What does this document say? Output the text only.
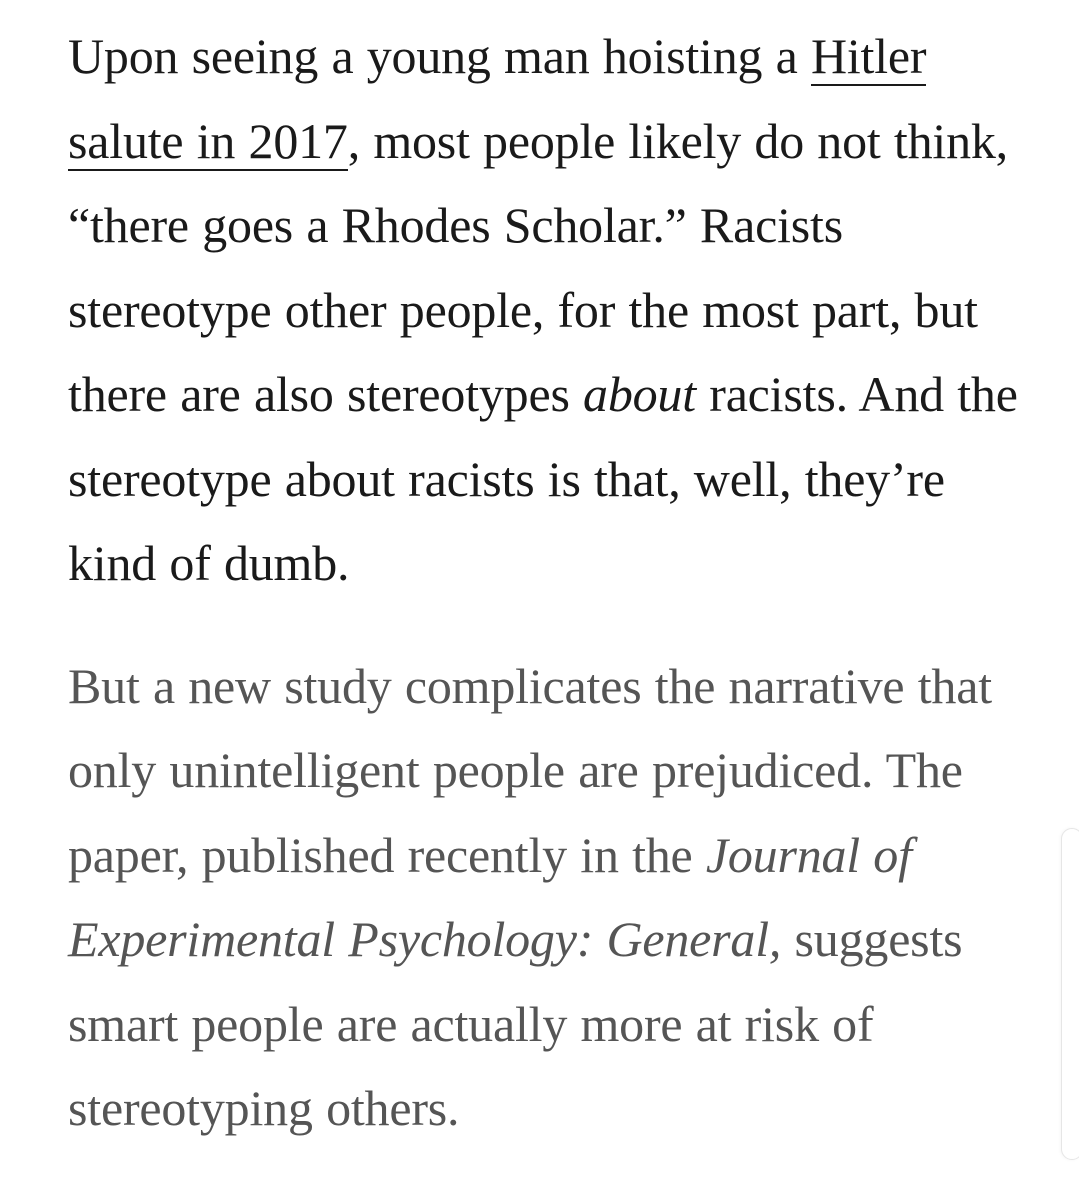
Upon seeing a young man hoisting a Hitler salute in 2017, most people likely do not think, “there goes a Rhodes Scholar.” Racists stereotype other people, for the most part, but there are also stereotypes about racists. And the stereotype about racists is that, well, they’re kind of dumb.

But a new study complicates the narrative that only unintelligent people are prejudiced. The paper, published recently in the Journal of Experimental Psychology: General, suggests smart people are actually more at risk of stereotyping others.
